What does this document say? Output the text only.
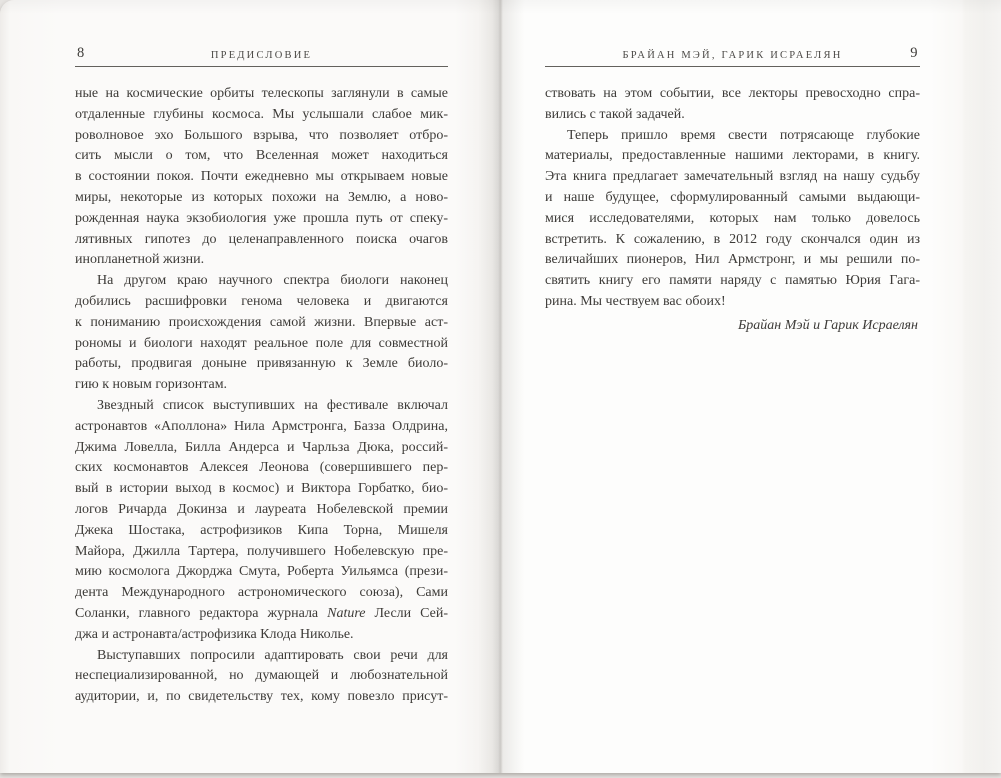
8	ПРЕДИСЛОВИЕ
ные на космические орбиты телескопы заглянули в самые
отдаленные глубины космоса. Мы услышали слабое мик-
роволновое эхо Большого взрыва, что позволяет отбро-
сить мысли о том, что Вселенная может находиться
в состоянии покоя. Почти ежедневно мы открываем новые
миры, некоторые из которых похожи на Землю, а ново-
рожденная наука экзобиология уже прошла путь от спеку-
лятивных гипотез до целенаправленного поиска очагов
инопланетной жизни.
На другом краю научного спектра биологи наконец
добились расшифровки генома человека и двигаются
к пониманию происхождения самой жизни. Впервые аст-
рономы и биологи находят реальное поле для совместной
работы, продвигая доныне привязанную к Земле биоло-
гию к новым горизонтам.
Звездный список выступивших на фестивале включал
астронавтов «Аполлона» Нила Армстронга, Базза Олдрина,
Джима Ловелла, Билла Андерса и Чарльза Дюка, россий-
ских космонавтов Алексея Леонова (совершившего пер-
вый в истории выход в космос) и Виктора Горбатко, био-
логов Ричарда Докинза и лауреата Нобелевской премии
Джека Шостака, астрофизиков Кипа Торна, Мишеля
Майора, Джилла Тартера, получившего Нобелевскую пре-
мию космолога Джорджа Смута, Роберта Уильямса (прези-
дента Международного астрономического союза), Сами
Соланки, главного редактора журнала Nature Лесли Сей-
джа и астронавта/астрофизика Клода Николье.
Выступавших попросили адаптировать свои речи для
неспециализированной, но думающей и любознательной
аудитории, и, по свидетельству тех, кому повезло присут-
БРАЙАН МЭЙ, ГАРИК ИСРАЕЛЯН	9
ствовать на этом событии, все лекторы превосходно спра-
вились с такой задачей.
Теперь пришло время свести потрясающе глубокие
материалы, предоставленные нашими лекторами, в книгу.
Эта книга предлагает замечательный взгляд на нашу судьбу
и наше будущее, сформулированный самыми выдающи-
мися исследователями, которых нам только довелось
встретить. К сожалению, в 2012 году скончался один из
величайших пионеров, Нил Армстронг, и мы решили по-
святить книгу его памяти наряду с памятью Юрия Гага-
рина. Мы чествуем вас обоих!
Брайан Мэй и Гарик Исраелян
